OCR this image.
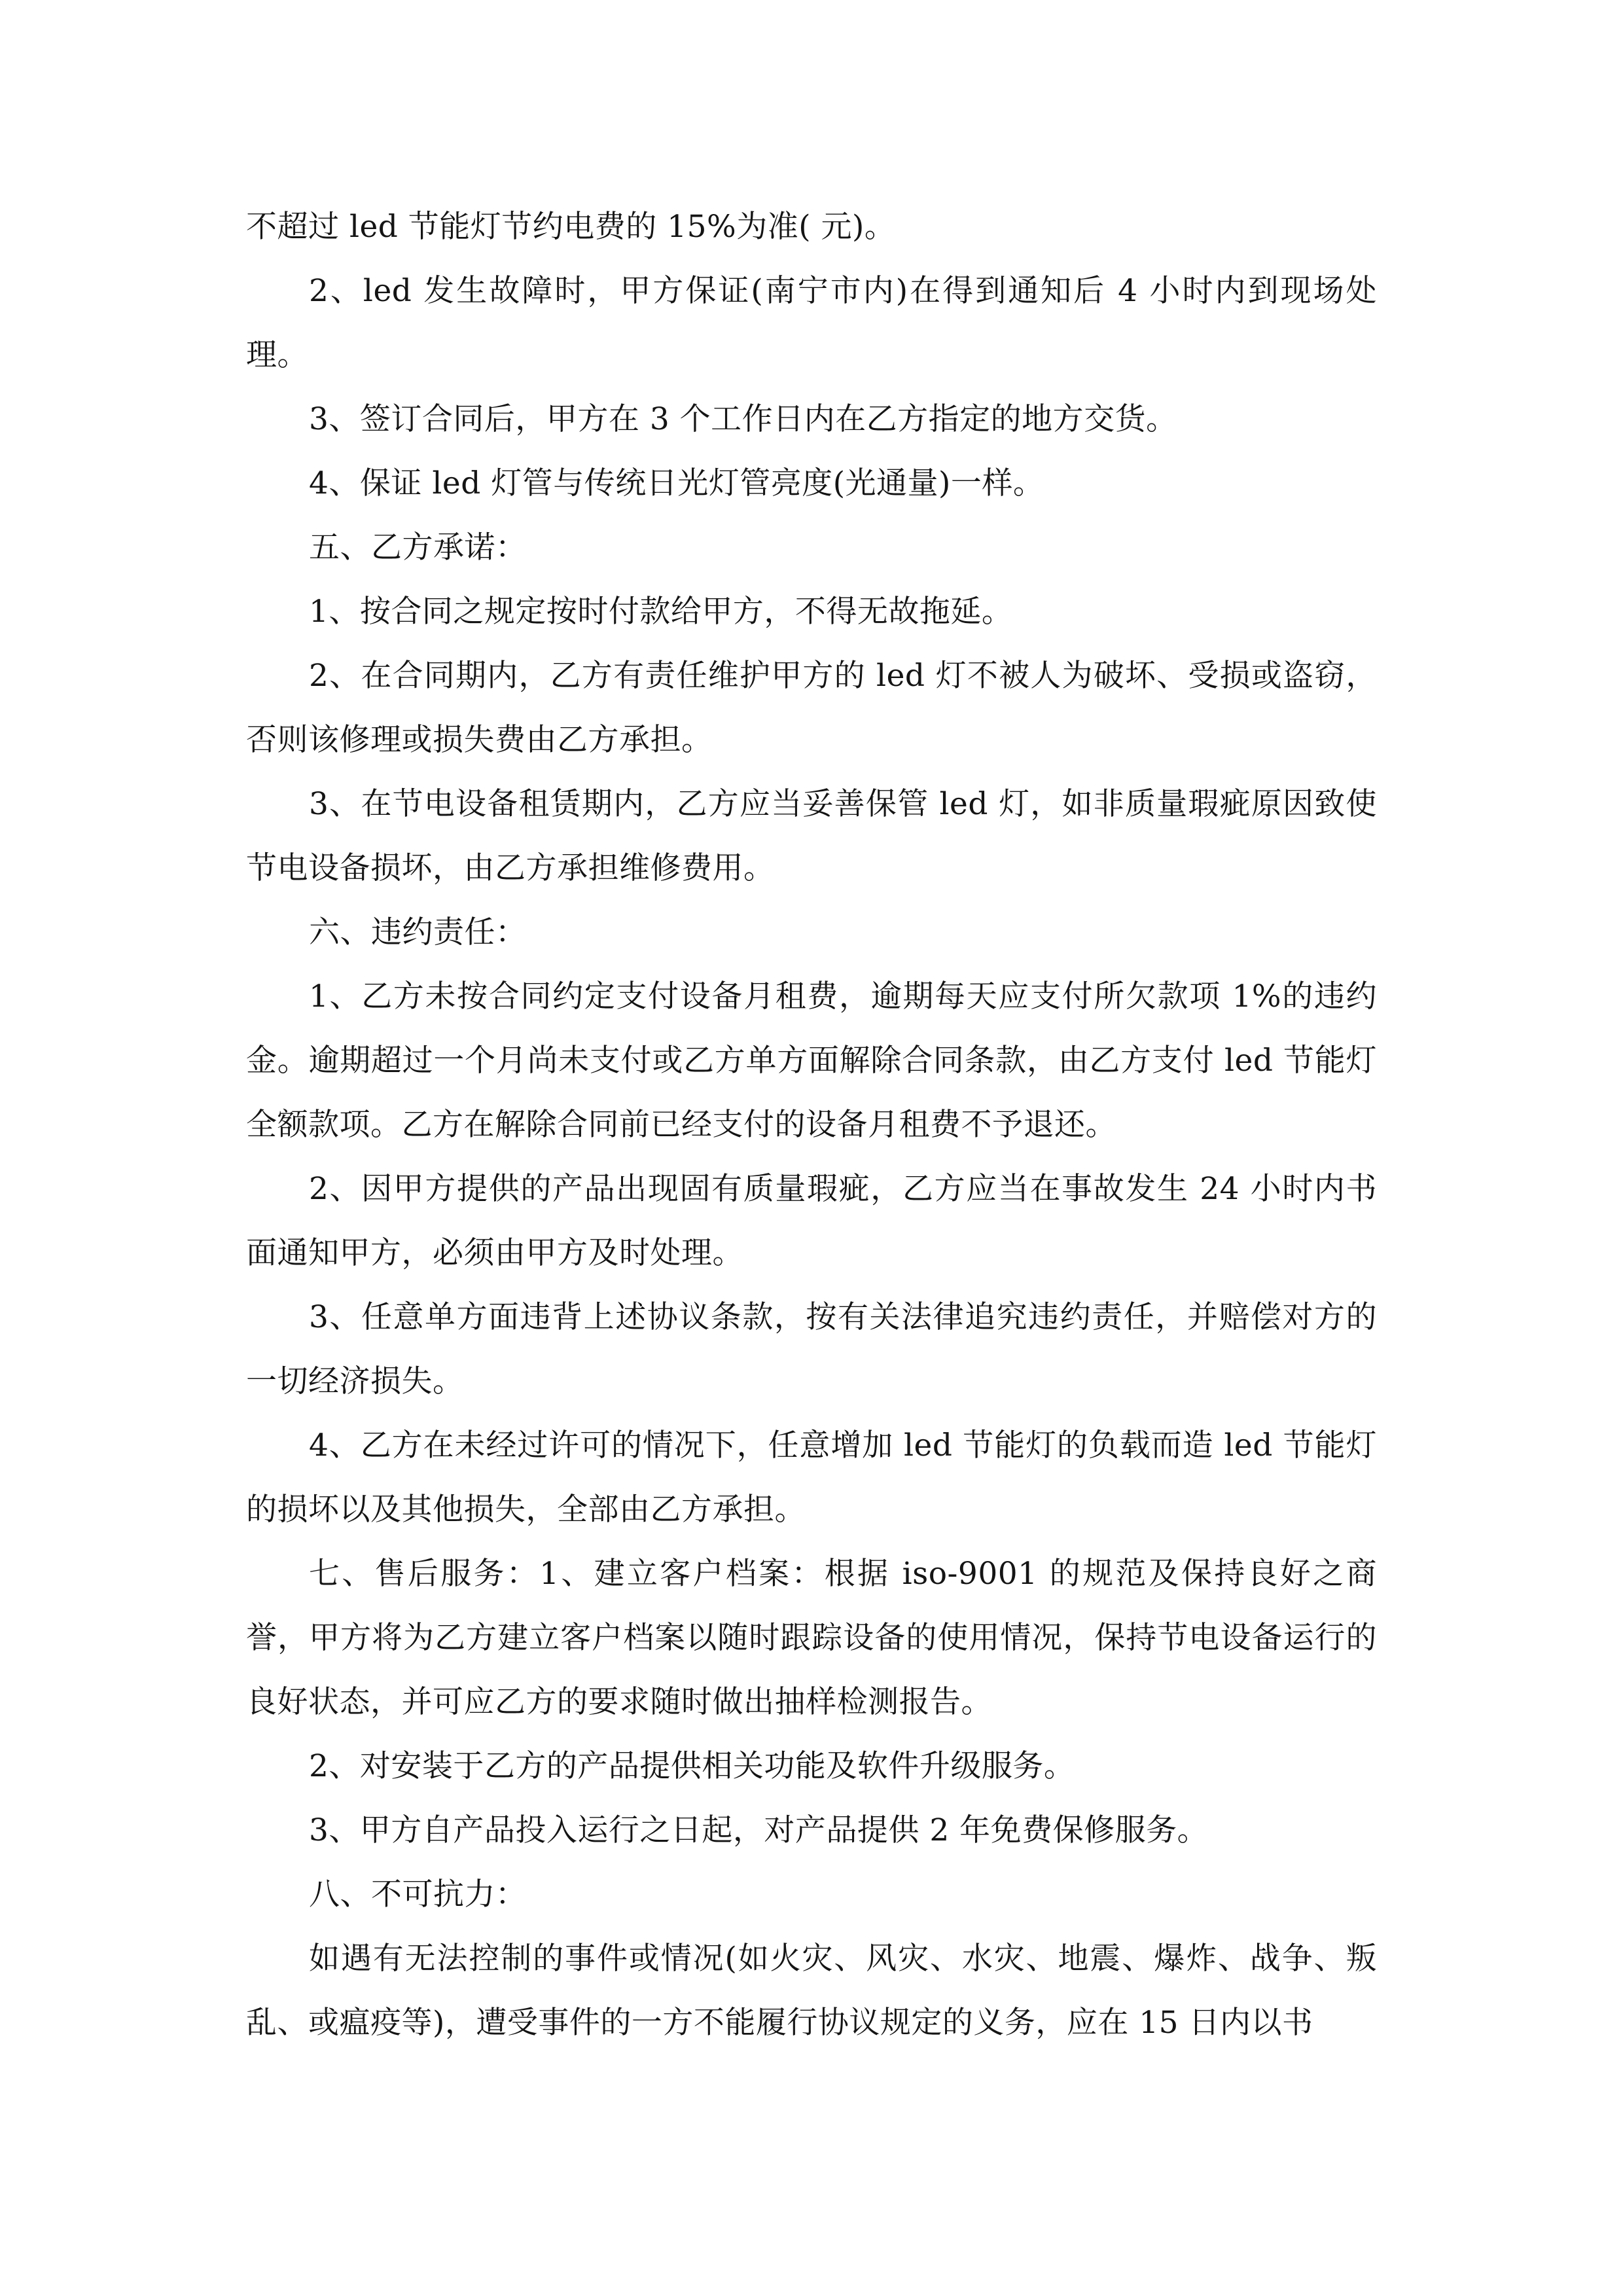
不超过 led 节能灯节约电费的 15%为准( 元)。

2、led 发生故障时，甲方保证(南宁市内)在得到通知后 4 小时内到现场处理。

3、签订合同后，甲方在 3 个工作日内在乙方指定的地方交货。

4、保证 led 灯管与传统日光灯管亮度(光通量)一样。

五、乙方承诺：

1、按合同之规定按时付款给甲方，不得无故拖延。

2、在合同期内，乙方有责任维护甲方的 led 灯不被人为破坏、受损或盗窃，否则该修理或损失费由乙方承担。

3、在节电设备租赁期内，乙方应当妥善保管 led 灯，如非质量瑕疵原因致使节电设备损坏，由乙方承担维修费用。

六、违约责任：

1、乙方未按合同约定支付设备月租费，逾期每天应支付所欠款项 1%的违约金。逾期超过一个月尚未支付或乙方单方面解除合同条款，由乙方支付 led 节能灯全额款项。乙方在解除合同前已经支付的设备月租费不予退还。

2、因甲方提供的产品出现固有质量瑕疵，乙方应当在事故发生 24 小时内书面通知甲方，必须由甲方及时处理。

3、任意单方面违背上述协议条款，按有关法律追究违约责任，并赔偿对方的一切经济损失。

4、乙方在未经过许可的情况下，任意增加 led 节能灯的负载而造 led 节能灯的损坏以及其他损失，全部由乙方承担。

七、售后服务：1、建立客户档案：根据 iso-9001 的规范及保持良好之商誉，甲方将为乙方建立客户档案以随时跟踪设备的使用情况，保持节电设备运行的良好状态，并可应乙方的要求随时做出抽样检测报告。

2、对安装于乙方的产品提供相关功能及软件升级服务。

3、甲方自产品投入运行之日起，对产品提供 2 年免费保修服务。

八、不可抗力：

如遇有无法控制的事件或情况(如火灾、风灾、水灾、地震、爆炸、战争、叛乱、或瘟疫等)，遭受事件的一方不能履行协议规定的义务，应在 15 日内以书
